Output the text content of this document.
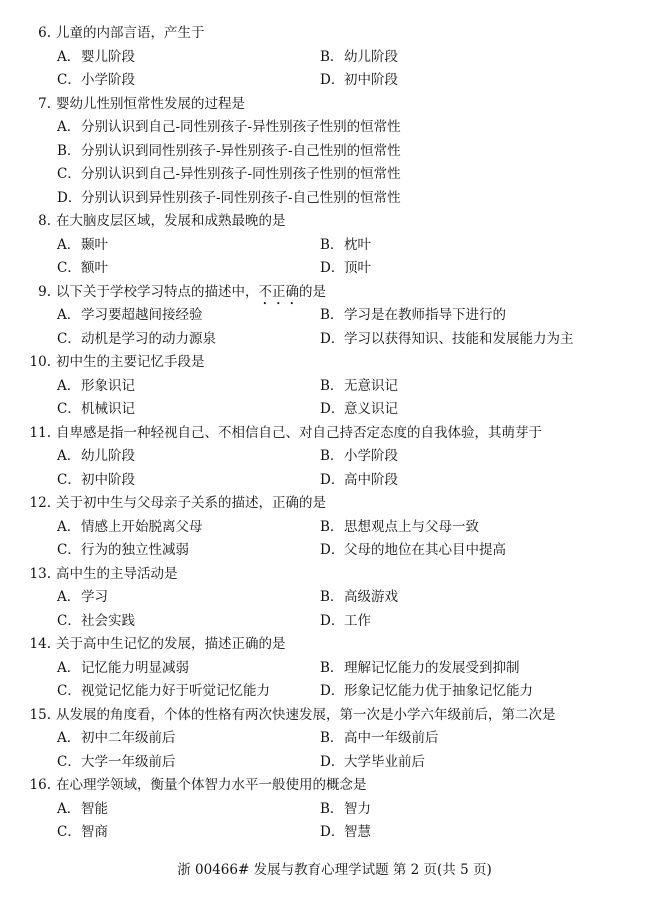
6. 儿童的内部言语，产生于
A．婴儿阶段	B．幼儿阶段
C．小学阶段	D．初中阶段
7. 婴幼儿性别恒常性发展的过程是
A．分别认识到自己-同性别孩子-异性别孩子性别的恒常性
B．分别认识到同性别孩子-异性别孩子-自己性别的恒常性
C．分别认识到自己-异性别孩子-同性别孩子性别的恒常性
D．分别认识到异性别孩子-同性别孩子-自己性别的恒常性
8. 在大脑皮层区域，发展和成熟最晚的是
A．颞叶	B．枕叶
C．额叶	D．顶叶
9. 以下关于学校学习特点的描述中，不正确的是
A．学习要超越间接经验	B．学习是在教师指导下进行的
C．动机是学习的动力源泉	D．学习以获得知识、技能和发展能力为主
10. 初中生的主要记忆手段是
A．形象识记	B．无意识记
C．机械识记	D．意义识记
11. 自卑感是指一种轻视自己、不相信自己、对自己持否定态度的自我体验，其萌芽于
A．幼儿阶段	B．小学阶段
C．初中阶段	D．高中阶段
12. 关于初中生与父母亲子关系的描述，正确的是
A．情感上开始脱离父母	B．思想观点上与父母一致
C．行为的独立性减弱	D．父母的地位在其心目中提高
13. 高中生的主导活动是
A．学习	B．高级游戏
C．社会实践	D．工作
14. 关于高中生记忆的发展，描述正确的是
A．记忆能力明显减弱	B．理解记忆能力的发展受到抑制
C．视觉记忆能力好于听觉记忆能力	D．形象记忆能力优于抽象记忆能力
15. 从发展的角度看，个体的性格有两次快速发展，第一次是小学六年级前后，第二次是
A．初中二年级前后	B．高中一年级前后
C．大学一年级前后	D．大学毕业前后
16. 在心理学领域，衡量个体智力水平一般使用的概念是
A．智能	B．智力
C．智商	D．智慧
浙 00466# 发展与教育心理学试题 第 2 页(共 5 页)
